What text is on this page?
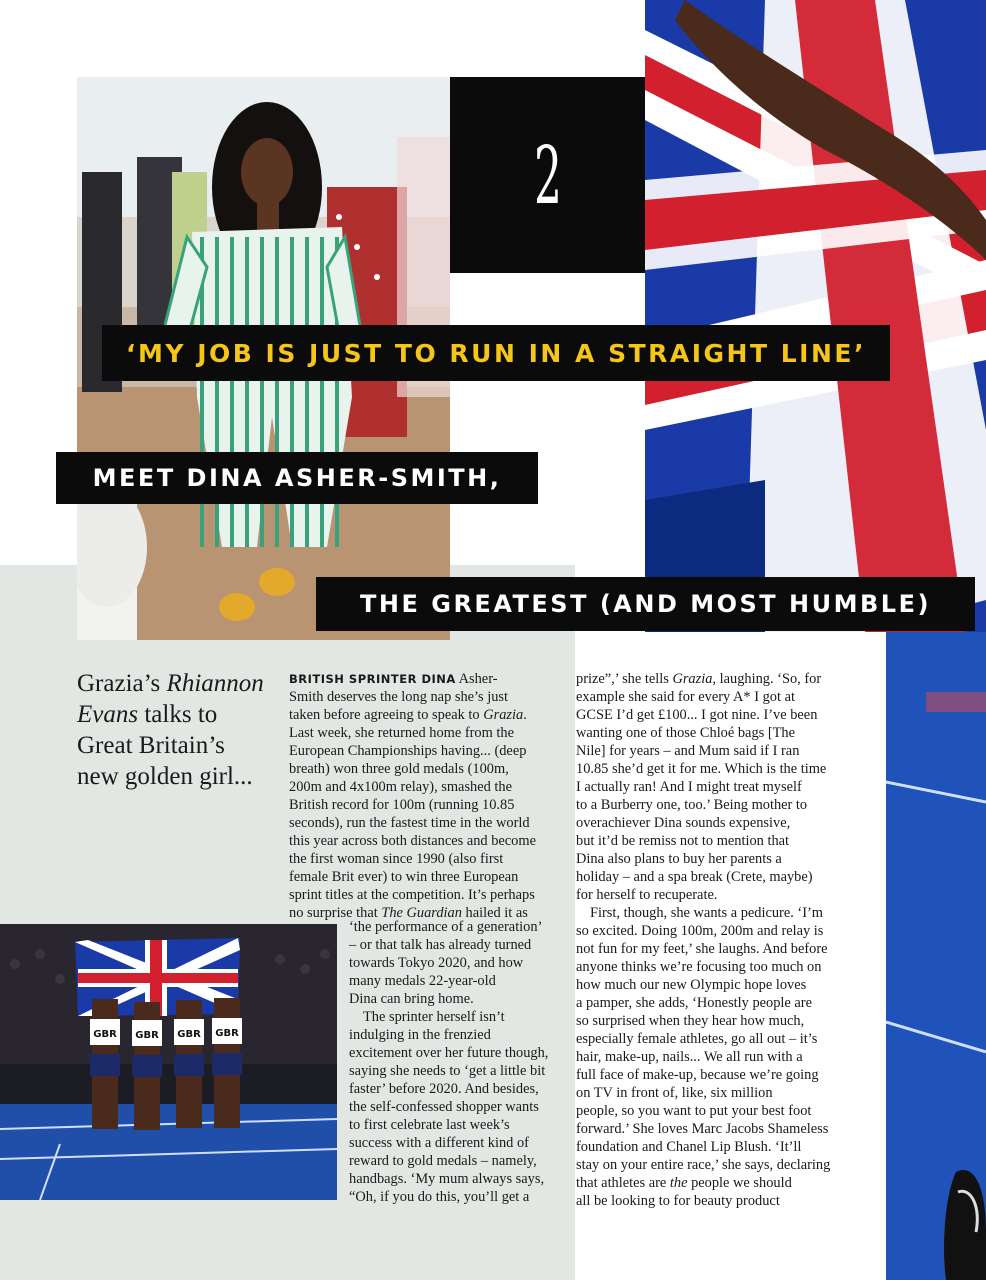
2
‘MY JOB IS JUST TO RUN IN A STRAIGHT LINE’
MEET DINA ASHER-SMITH,
THE GREATEST (AND MOST HUMBLE)
Grazia’s Rhiannon
Evans talks to
Great Britain’s
new golden girl...
BRITISH SPRINTER DINA Asher-
Smith deserves the long nap she’s just
taken before agreeing to speak to Grazia.
Last week, she returned home from the
European Championships having... (deep
breath) won three gold medals (100m,
200m and 4x100m relay), smashed the
British record for 100m (running 10.85
seconds), run the fastest time in the world
this year across both distances and become
the first woman since 1990 (also first
female Brit ever) to win three European
sprint titles at the competition. It’s perhaps
no surprise that The Guardian hailed it as
‘the performance of a generation’
– or that talk has already turned
towards Tokyo 2020, and how
many medals 22-year-old
Dina can bring home.
The sprinter herself isn’t
indulging in the frenzied
excitement over her future though,
saying she needs to ‘get a little bit
faster’ before 2020. And besides,
the self-confessed shopper wants
to first celebrate last week’s
success with a different kind of
reward to gold medals – namely,
handbags. ‘My mum always says,
“Oh, if you do this, you’ll get a
prize”,’ she tells Grazia, laughing. ‘So, for
example she said for every A* I got at
GCSE I’d get £100... I got nine. I’ve been
wanting one of those Chloé bags [The
Nile] for years – and Mum said if I ran
10.85 she’d get it for me. Which is the time
I actually ran! And I might treat myself
to a Burberry one, too.’ Being mother to
overachiever Dina sounds expensive,
but it’d be remiss not to mention that
Dina also plans to buy her parents a
holiday – and a spa break (Crete, maybe)
for herself to recuperate.
First, though, she wants a pedicure. ‘I’m
so excited. Doing 100m, 200m and relay is
not fun for my feet,’ she laughs. And before
anyone thinks we’re focusing too much on
how much our new Olympic hope loves
a pamper, she adds, ‘Honestly people are
so surprised when they hear how much,
especially female athletes, go all out – it’s
hair, make-up, nails... We all run with a
full face of make-up, because we’re going
on TV in front of, like, six million
people, so you want to put your best foot
forward.’ She loves Marc Jacobs Shameless
foundation and Chanel Lip Blush. ‘It’ll
stay on your entire race,’ she says, declaring
that athletes are the people we should
all be looking to for beauty product
GBR GBR GBR GBR
